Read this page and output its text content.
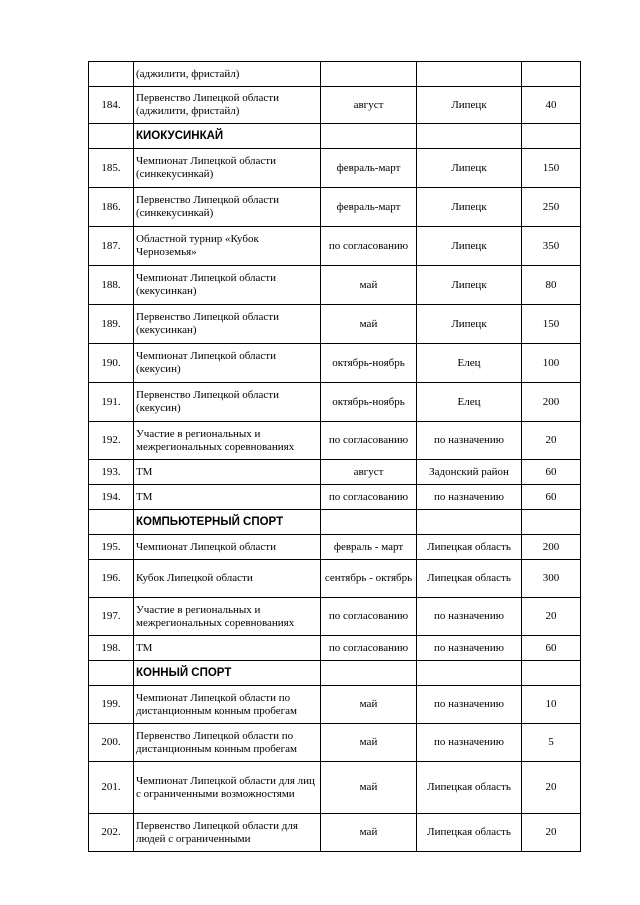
	(аджилити, фристайл)			
184.	Первенство Липецкой области (аджилити, фристайл)	август	Липецк	40
	КИОКУСИНКАЙ			
185.	Чемпионат Липецкой области (синкекусинкай)	февраль-март	Липецк	150
186.	Первенство Липецкой области (синкекусинкай)	февраль-март	Липецк	250
187.	Областной турнир «Кубок Черноземья»	по согласованию	Липецк	350
188.	Чемпионат Липецкой области (кекусинкан)	май	Липецк	80
189.	Первенство Липецкой области (кекусинкан)	май	Липецк	150
190.	Чемпионат Липецкой области (кекусин)	октябрь-ноябрь	Елец	100
191.	Первенство Липецкой области (кекусин)	октябрь-ноябрь	Елец	200
192.	Участие в региональных и межрегиональных соревнованиях	по согласованию	по назначению	20
193.	ТМ	август	Задонский район	60
194.	ТМ	по согласованию	по назначению	60
	КОМПЬЮТЕРНЫЙ СПОРТ			
195.	Чемпионат Липецкой области	февраль - март	Липецкая область	200
196.	Кубок Липецкой области	сентябрь - октябрь	Липецкая область	300
197.	Участие в региональных и межрегиональных соревнованиях	по согласованию	по назначению	20
198.	ТМ	по согласованию	по назначению	60
	КОННЫЙ СПОРТ			
199.	Чемпионат Липецкой области по дистанционным конным пробегам	май	по назначению	10
200.	Первенство Липецкой области по дистанционным конным пробегам	май	по назначению	5
201.	Чемпионат Липецкой области для лиц с ограниченными возможностями	май	Липецкая область	20
202.	Первенство Липецкой области для людей с ограниченными	май	Липецкая область	20
